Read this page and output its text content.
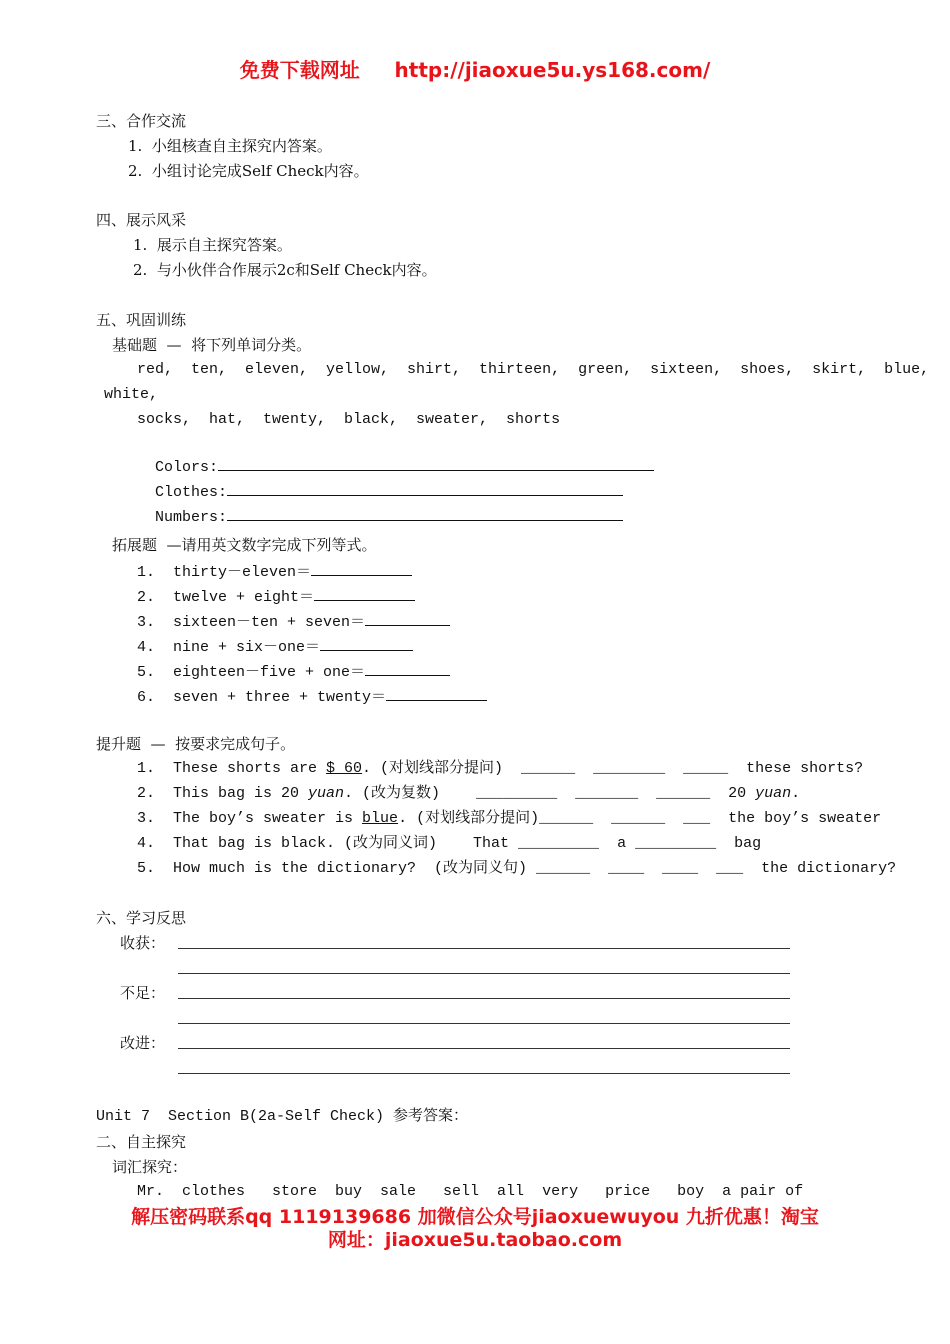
免费下载网址 http://jiaoxue5u.ys168.com/
三、合作交流
1.  小组核查自主探究内答案。
2.  小组讨论完成Self Check内容。
四、展示风采
1.  展示自主探究答案。
2.  与小伙伴合作展示2c和Self Check内容。
五、巩固训练
基础题  —  将下列单词分类。
red,  ten,  eleven,  yellow,  shirt,  thirteen,  green,  sixteen,  shoes,  skirt,  blue,
white,
socks,  hat,  twenty,  black,  sweater,  shorts

Colors:

Clothes:

Numbers:

拓展题  —请用英文数字完成下列等式。
1.  thirty－eleven＝
2.  twelve + eight＝
3.  sixteen－ten + seven＝
4.  nine + six－one＝
5.  eighteen－five + one＝
6.  seven + three + twenty＝
提升题  —  按要求完成句子。
1.  These shorts are $ 60. (对划线部分提问)  ______  ________  _____  these shorts?
2.  This bag is 20 yuan. (改为复数)    _________  _______  ______  20 yuan.
3.  The boy’s sweater is blue. (对划线部分提问)______  ______  ___  the boy’s sweater
4.  That bag is black. (改为同义词)    That _________  a _________  bag
5.  How much is the dictionary?  (改为同义句) ______  ____  ____  ___  the dictionary?
六、学习反思
收获：
不足：
改进：
Unit 7  Section B(2a-Self Check) 参考答案：
二、自主探究
词汇探究：
Mr.  clothes   store  buy  sale   sell  all  very   price   boy  a pair of
解压密码联系qq 1119139686 加微信公众号jiaoxuewuyou 九折优惠！淘宝
网址：jiaoxue5u.taobao.com
